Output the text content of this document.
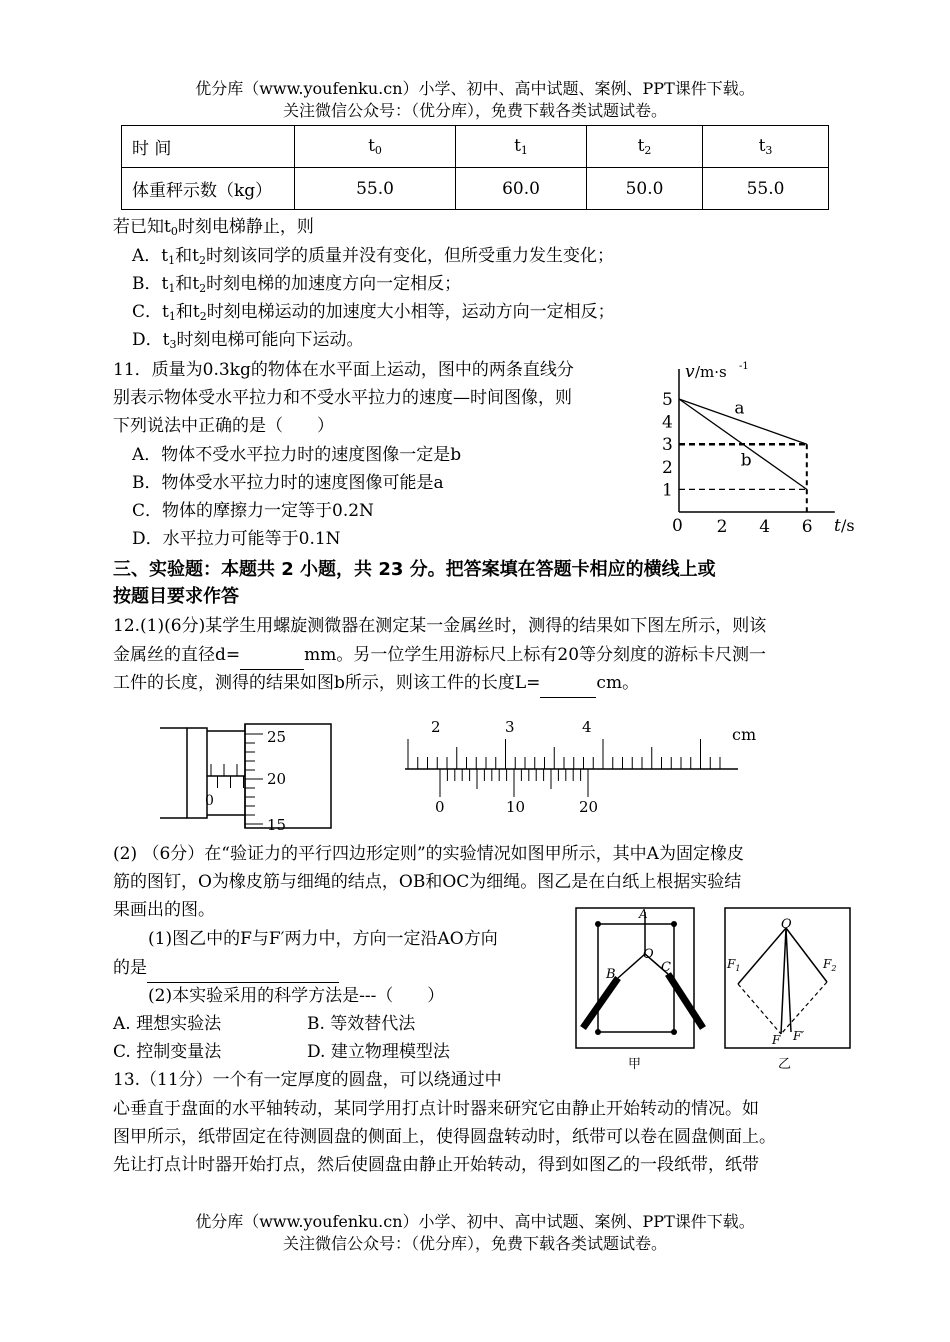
优分库（www.youfenku.cn）小学、初中、高中试题、案例、PPT课件下载。
关注微信公众号：（优分库），免费下载各类试题试卷。
时 间	$t_0$	$t_1$	$t_2$	$t_3$
体重秤示数（kg）	55.0	60.0	50.0	55.0
若已知$t_0$时刻电梯静止，则
A．$t_1$和$t_2$时刻该同学的质量并没有变化，但所受重力发生变化；
B．$t_1$和$t_2$时刻电梯的加速度方向一定相反；
C．$t_1$和$t_2$时刻电梯运动的加速度大小相等，运动方向一定相反；
D．$t_3$时刻电梯可能向下运动。
11．质量为0.3kg的物体在水平面上运动，图中的两条直线分
别表示物体受水平拉力和不受水平拉力的速度—时间图像，则
下列说法中正确的是（　　）
A．物体不受水平拉力时的速度图像一定是b
B．物体受水平拉力时的速度图像可能是a
C．物体的摩擦力一定等于0.2N
D．水平拉力可能等于0.1N
v /m·s -1
t /s
0
1
2
3
4
5
2 4 6
a
b
三、实验题：本题共 2 小题，共 23 分。把答案填在答题卡相应的横线上或
按题目要求作答
12.(1)(6分)某学生用螺旋测微器在测定某一金属丝时，测得的结果如下图左所示，则该
金属丝的直径d=	mm。另一位学生用游标尺上标有20等分刻度的游标卡尺测一
工件的长度，测得的结果如图b所示，则该工件的长度L=	cm。
25
20
15
0
2	3	4	cm
0	10	20
(2) （6分）在“验证力的平行四边形定则”的实验情况如图甲所示，其中A为固定橡皮
筋的图钉，O为橡皮筋与细绳的结点，OB和OC为细绳。图乙是在白纸上根据实验结
果画出的图。
(1)图乙中的F与F′两力中，方向一定沿AO方向
的是
(2)本实验采用的科学方法是---（　　）
A. 理想实验法	B. 等效替代法
C. 控制变量法	D. 建立物理模型法
A
O
B	C
甲
O
$F_1$	$F_2$
F F′
乙
13.（11分）一个有一定厚度的圆盘，可以绕通过中
心垂直于盘面的水平轴转动，某同学用打点计时器来研究它由静止开始转动的情况。如
图甲所示，纸带固定在待测圆盘的侧面上，使得圆盘转动时，纸带可以卷在圆盘侧面上。
先让打点计时器开始打点，然后使圆盘由静止开始转动，得到如图乙的一段纸带，纸带
优分库（www.youfenku.cn）小学、初中、高中试题、案例、PPT课件下载。
关注微信公众号：（优分库），免费下载各类试题试卷。
